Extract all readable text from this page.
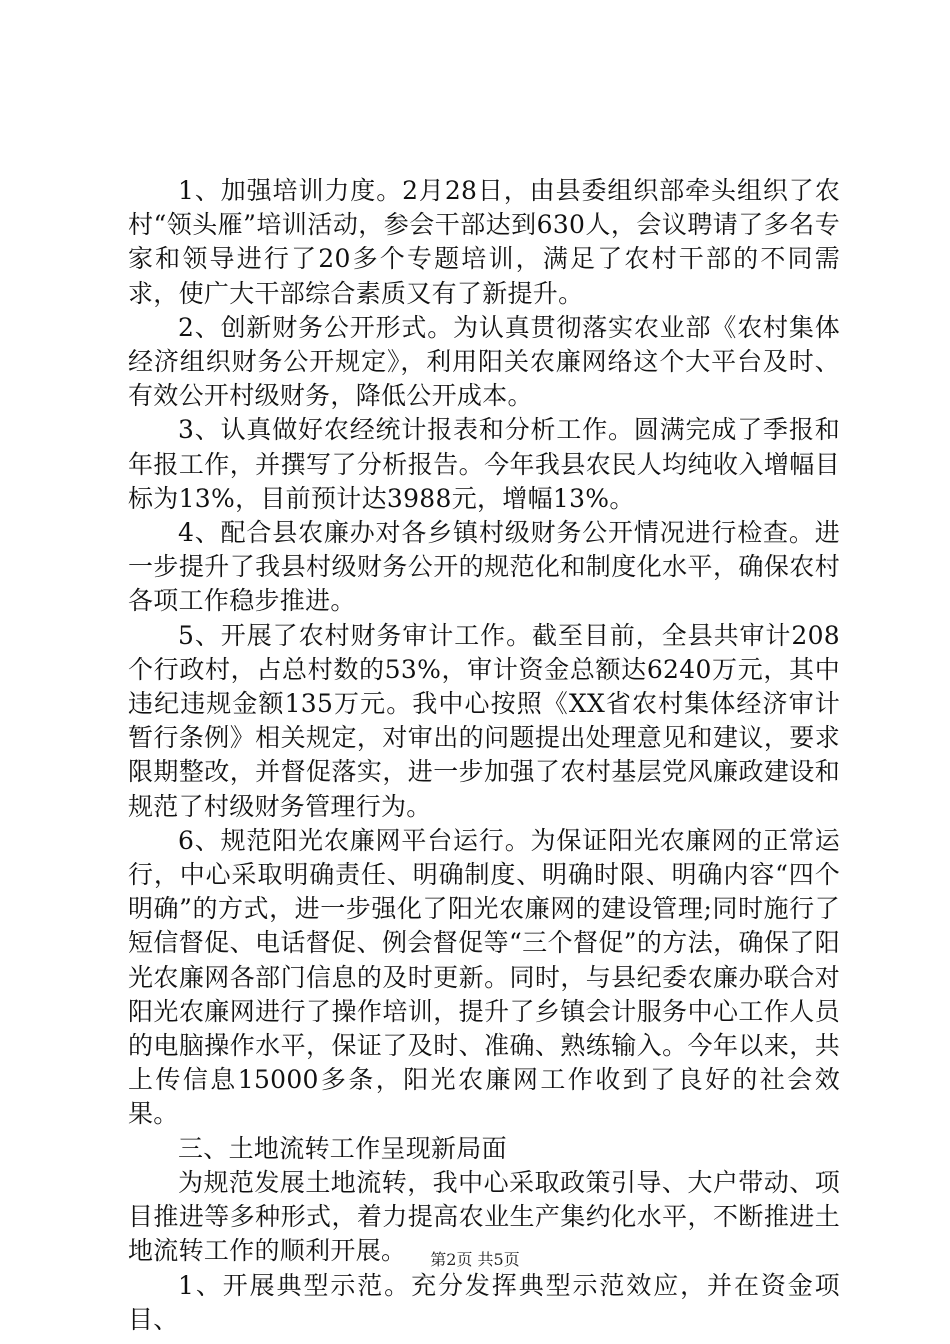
1、加强培训力度。2月28日，由县委组织部牵头组织了农村“领头雁”培训活动，参会干部达到630人，会议聘请了多名专家和领导进行了20多个专题培训，满足了农村干部的不同需求，使广大干部综合素质又有了新提升。

2、创新财务公开形式。为认真贯彻落实农业部《农村集体经济组织财务公开规定》，利用阳关农廉网络这个大平台及时、有效公开村级财务，降低公开成本。

3、认真做好农经统计报表和分析工作。圆满完成了季报和年报工作，并撰写了分析报告。今年我县农民人均纯收入增幅目标为13%，目前预计达3988元，增幅13%。

4、配合县农廉办对各乡镇村级财务公开情况进行检查。进一步提升了我县村级财务公开的规范化和制度化水平，确保农村各项工作稳步推进。

5、开展了农村财务审计工作。截至目前，全县共审计208个行政村，占总村数的53%，审计资金总额达6240万元，其中违纪违规金额135万元。我中心按照《XX省农村集体经济审计暂行条例》相关规定，对审出的问题提出处理意见和建议，要求限期整改，并督促落实，进一步加强了农村基层党风廉政建设和规范了村级财务管理行为。

6、规范阳光农廉网平台运行。为保证阳光农廉网的正常运行，中心采取明确责任、明确制度、明确时限、明确内容“四个明确”的方式，进一步强化了阳光农廉网的建设管理;同时施行了短信督促、电话督促、例会督促等“三个督促”的方法，确保了阳光农廉网各部门信息的及时更新。同时，与县纪委农廉办联合对阳光农廉网进行了操作培训，提升了乡镇会计服务中心工作人员的电脑操作水平，保证了及时、准确、熟练输入。今年以来，共上传信息15000多条，阳光农廉网工作收到了良好的社会效果。

三、土地流转工作呈现新局面

为规范发展土地流转，我中心采取政策引导、大户带动、项目推进等多种形式，着力提高农业生产集约化水平，不断推进土地流转工作的顺利开展。

1、开展典型示范。充分发挥典型示范效应，并在资金项目、

第2页 共5页
